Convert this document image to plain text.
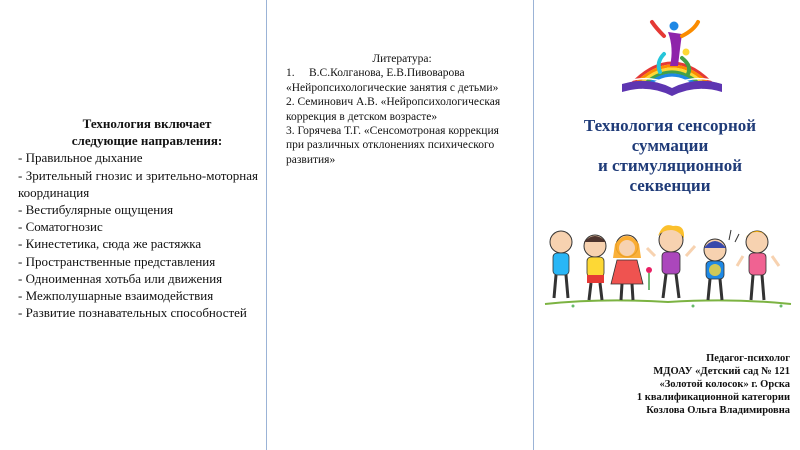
Технология включает
следующие направления:
- Правильное дыхание
- Зрительный гнозис и зрительно-моторная координация
- Вестибулярные ощущения
- Соматогнозис
- Кинестетика, сюда же растяжка
- Пространственные представления
- Одноименная хотьба или движения
- Межполушарные взаимодействия
- Развитие познавательных способностей
Литература:

1.     В.С.Колганова, Е.В.Пивоварова «Нейропсихологические занятия с детьми»

2. Семинович А.В. «Нейропсихологическая коррекция в детском возрасте»

3. Горячева Т.Г. «Сенсомотроная коррекция при различных отклонениях психического развития»

Технология сенсорной
суммации
и стимуляционной
секвенции
Педагог-психолог
МДОАУ «Детский сад № 121
«Золотой колосок» г. Орска
1 квалификационной категории
Козлова Ольга Владимировна
